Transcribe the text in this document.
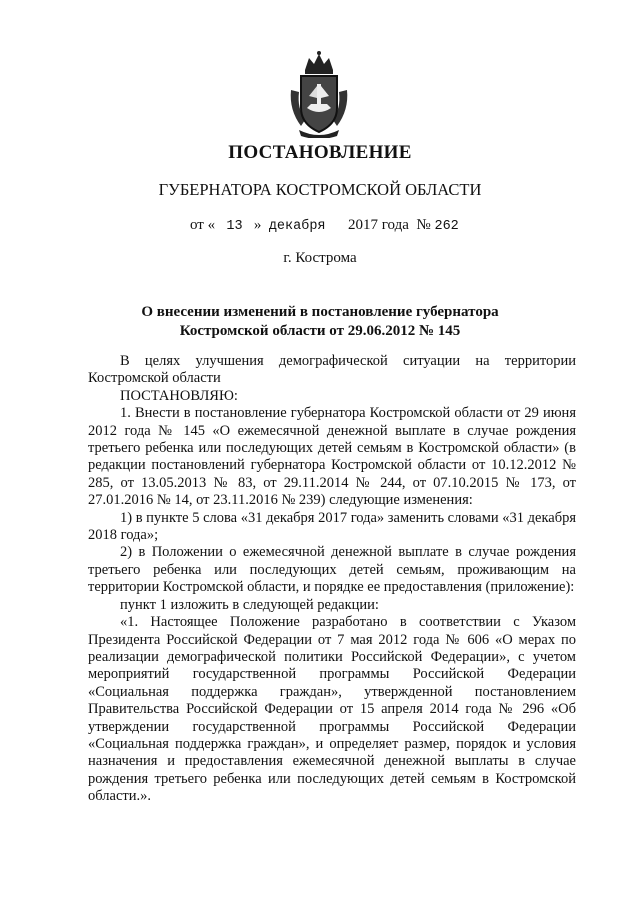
ПОСТАНОВЛЕНИЕ
ГУБЕРНАТОРА КОСТРОМСКОЙ ОБЛАСТИ
от « 13 » декабря 2017 года № 262
г. Кострома
О внесении изменений в постановление губернатора
Костромской области от 29.06.2012 № 145

В целях улучшения демографической ситуации на территории Костромской области

ПОСТАНОВЛЯЮ:

1. Внести в постановление губернатора Костромской области от 29 июня 2012 года № 145 «О ежемесячной денежной выплате в случае рождения третьего ребенка или последующих детей семьям в Костромской области» (в редакции постановлений губернатора Костромской области от 10.12.2012 № 285, от 13.05.2013 № 83, от 29.11.2014 № 244, от 07.10.2015 № 173, от 27.01.2016 № 14, от 23.11.2016 № 239) следующие изменения:

1) в пункте 5 слова «31 декабря 2017 года» заменить словами «31 декабря 2018 года»;

2) в Положении о ежемесячной денежной выплате в случае рождения третьего ребенка или последующих детей семьям, проживающим на территории Костромской области, и порядке ее предоставления (приложение):

пункт 1 изложить в следующей редакции:

«1. Настоящее Положение разработано в соответствии с Указом Президента Российской Федерации от 7 мая 2012 года № 606 «О мерах по реализации демографической политики Российской Федерации», с учетом мероприятий государственной программы Российской Федерации «Социальная поддержка граждан», утвержденной постановлением Правительства Российской Федерации от 15 апреля 2014 года № 296 «Об утверждении государственной программы Российской Федерации «Социальная поддержка граждан», и определяет размер, порядок и условия назначения и предоставления ежемесячной денежной выплаты в случае рождения третьего ребенка или последующих детей семьям в Костромской области.».
